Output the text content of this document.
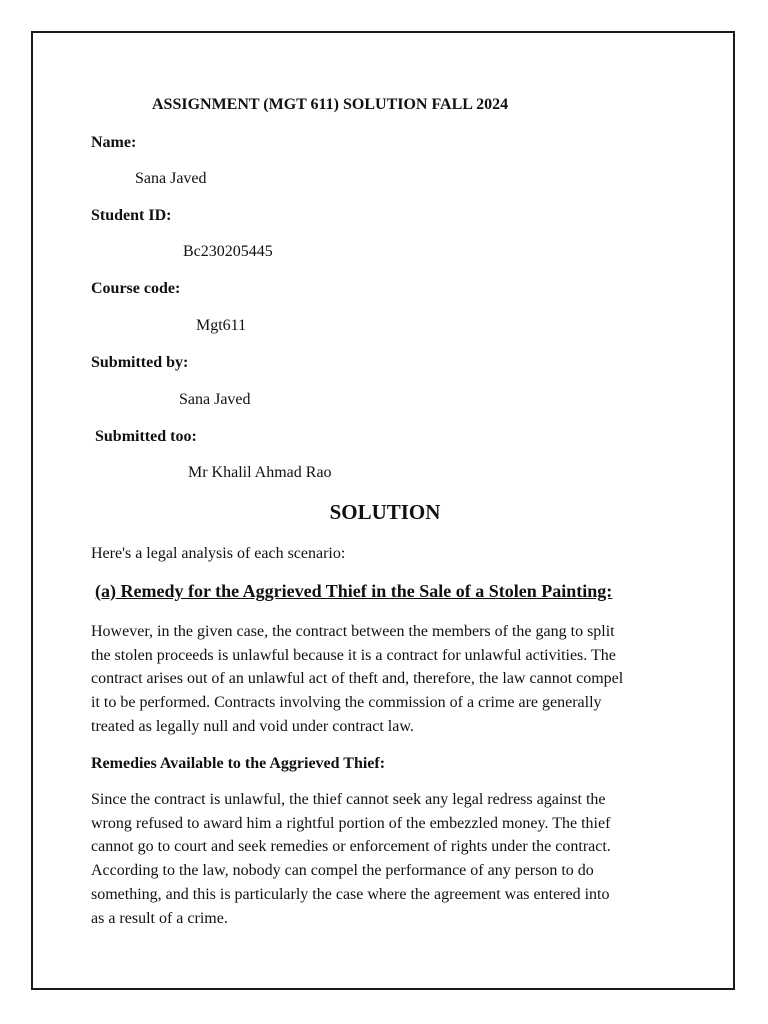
ASSIGNMENT (MGT 611) SOLUTION FALL 2024
Name:
Sana Javed
Student ID:
Bc230205445
Course code:
Mgt611
Submitted by:
Sana Javed
Submitted too:
Mr Khalil Ahmad Rao
SOLUTION
Here's a legal analysis of each scenario:
(a) Remedy for the Aggrieved Thief in the Sale of a Stolen Painting:
However, in the given case, the contract between the members of the gang to split
the stolen proceeds is unlawful because it is a contract for unlawful activities. The
contract arises out of an unlawful act of theft and, therefore, the law cannot compel
it to be performed. Contracts involving the commission of a crime are generally
treated as legally null and void under contract law.
Remedies Available to the Aggrieved Thief:
Since the contract is unlawful, the thief cannot seek any legal redress against the
wrong refused to award him a rightful portion of the embezzled money. The thief
cannot go to court and seek remedies or enforcement of rights under the contract.
According to the law, nobody can compel the performance of any person to do
something, and this is particularly the case where the agreement was entered into
as a result of a crime.
